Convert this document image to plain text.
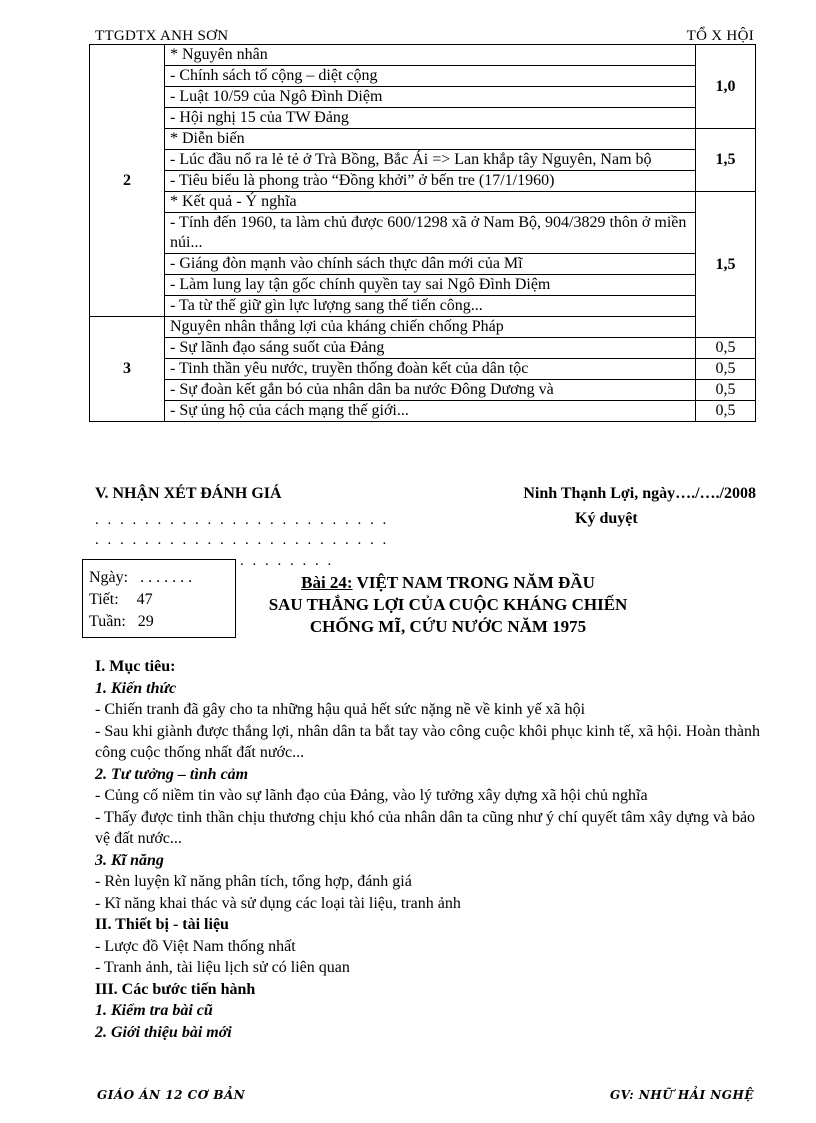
TTGDTX ANH SƠN	TỔ X HỘI
2	* Nguyên nhân	1,0
	- Chính sách tố cộng – diệt cộng	
	- Luật 10/59 của Ngô Đình Diệm	
	- Hội nghị 15 của TW Đảng	
	* Diễn biến	1,5
	- Lúc đầu nổ ra lẻ tẻ ở Trà Bồng, Bắc Ái => Lan khắp tây Nguyên, Nam bộ	
	- Tiêu biểu là phong trào “Đồng khởi” ở bến tre (17/1/1960)	
	* Kết quả - Ý nghĩa	1,5
	- Tính đến 1960, ta làm chủ được 600/1298 xã ở Nam Bộ, 904/3829 thôn ở miền núi...	
	- Giáng đòn mạnh vào chính sách thực dân mới của Mĩ	
	- Làm lung lay tận gốc chính quyền tay sai Ngô Đình Diệm	
	- Ta từ thế giữ gìn lực lượng sang thế tiến công...	
3	Nguyên nhân thắng lợi của kháng chiến chống Pháp	
	- Sự lãnh đạo sáng suốt của Đảng	0,5
	- Tinh thần yêu nước, truyền thống đoàn kết của dân tộc	0,5
	- Sự đoàn kết gắn bó của nhân dân ba nước Đông Dương và	0,5
	- Sự ủng hộ của cách mạng thế giới...	0,5
V. NHẬN XÉT ĐÁNH GIÁ
. . . . . . . . . . . . . . . . . . . . . . . .
. . . . . . . . . . . . . . . . . . . . . . . .
. . . . . . . .
Ninh Thạnh Lợi, ngày…./…./2008
Ký duyệt
Ngày: . . . . . . .
Tiết: 47
Tuần: 29
Bài 24: VIỆT NAM TRONG NĂM ĐẦU
SAU THẮNG LỢI CỦA CUỘC KHÁNG CHIẾN
CHỐNG MĨ, CỨU NƯỚC NĂM 1975

I. Mục tiêu:

1. Kiến thức

- Chiến tranh đã gây cho ta những hậu quả hết sức nặng nề về kinh yế xã hội

- Sau khi giành được thắng lợi, nhân dân ta bắt tay vào công cuộc khôi phục kinh tế, xã hội. Hoàn thành công cuộc thống nhất đất nước...

2. Tư tưởng – tình cảm

- Củng cố niềm tin vào sự lãnh đạo của Đảng, vào lý tưởng xây dựng xã hội chủ nghĩa

- Thấy được tinh thần chịu thương chịu khó của nhân dân ta cũng như ý chí quyết tâm xây dựng và bảo vệ đất nước...

3. Kĩ năng

- Rèn luyện kĩ năng phân tích, tổng hợp, đánh giá

- Kĩ năng khai thác và sử dụng các loại tài liệu, tranh ảnh

II. Thiết bị - tài liệu

- Lược đồ Việt Nam thống nhất

- Tranh ảnh, tài liệu lịch sử có liên quan

III. Các bước tiến hành

1. Kiểm tra bài cũ

2. Giới thiệu bài mới

GIÁO ÁN 12 CƠ BẢN	GV: NHỮ HẢI NGHỆ
